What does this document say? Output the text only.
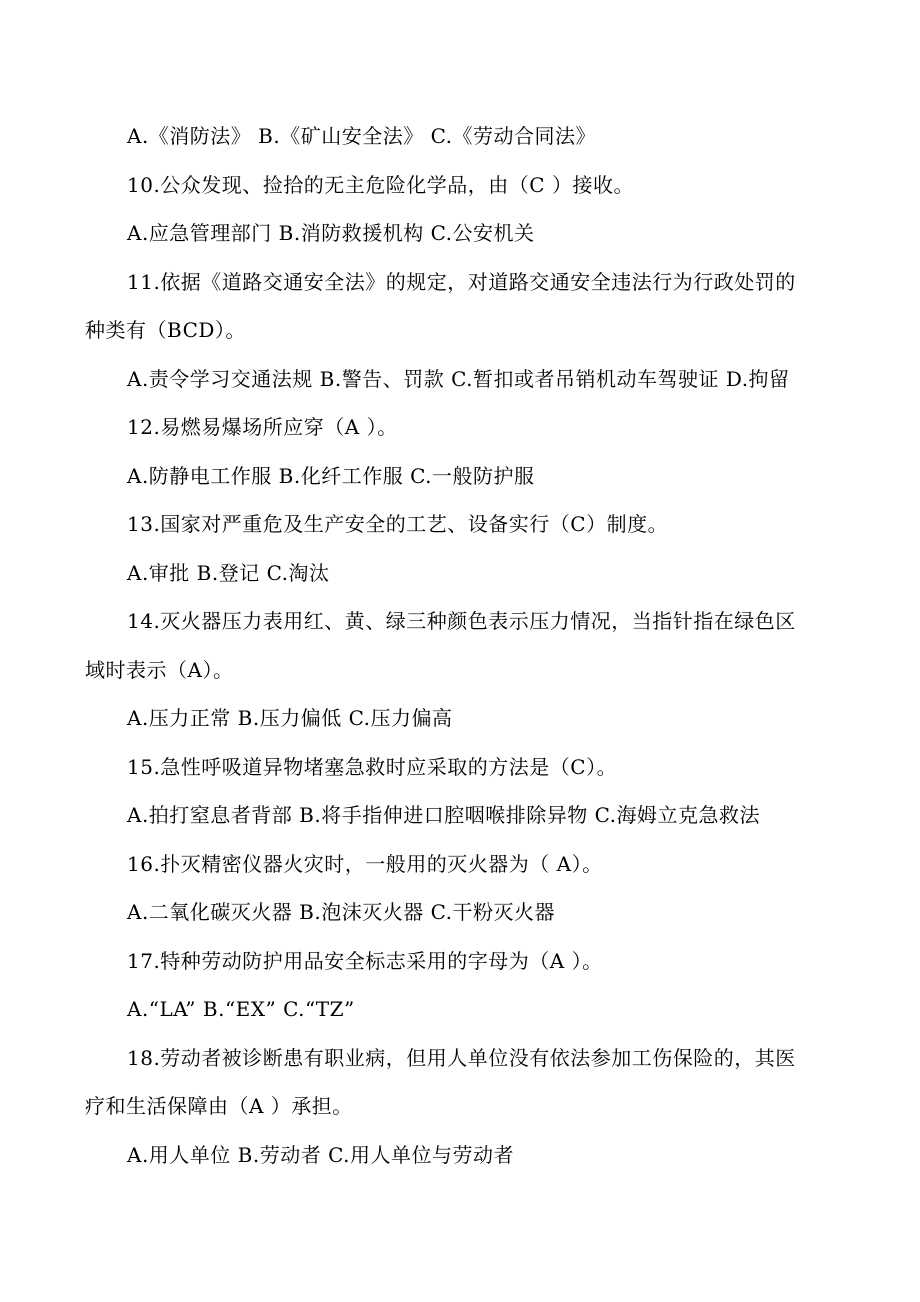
A.《消防法》 B.《矿山安全法》 C.《劳动合同法》
10.公众发现、捡拾的无主危险化学品，由（C ）接收。
A.应急管理部门 B.消防救援机构 C.公安机关
11.依据《道路交通安全法》的规定，对道路交通安全违法行为行政处罚的
种类有（BCD）。
A.责令学习交通法规 B.警告、罚款 C.暂扣或者吊销机动车驾驶证 D.拘留
12.易燃易爆场所应穿（A ）。
A.防静电工作服 B.化纤工作服 C.一般防护服
13.国家对严重危及生产安全的工艺、设备实行（C）制度。
A.审批 B.登记 C.淘汰
14.灭火器压力表用红、黄、绿三种颜色表示压力情况，当指针指在绿色区
域时表示（A）。
A.压力正常 B.压力偏低 C.压力偏高
15.急性呼吸道异物堵塞急救时应采取的方法是（C）。
A.拍打窒息者背部 B.将手指伸进口腔咽喉排除异物 C.海姆立克急救法
16.扑灭精密仪器火灾时，一般用的灭火器为（ A）。
A.二氧化碳灭火器 B.泡沫灭火器 C.干粉灭火器
17.特种劳动防护用品安全标志采用的字母为（A ）。
A.“LA” B.“EX” C.“TZ”
18.劳动者被诊断患有职业病，但用人单位没有依法参加工伤保险的，其医
疗和生活保障由（A ）承担。
A.用人单位 B.劳动者 C.用人单位与劳动者
